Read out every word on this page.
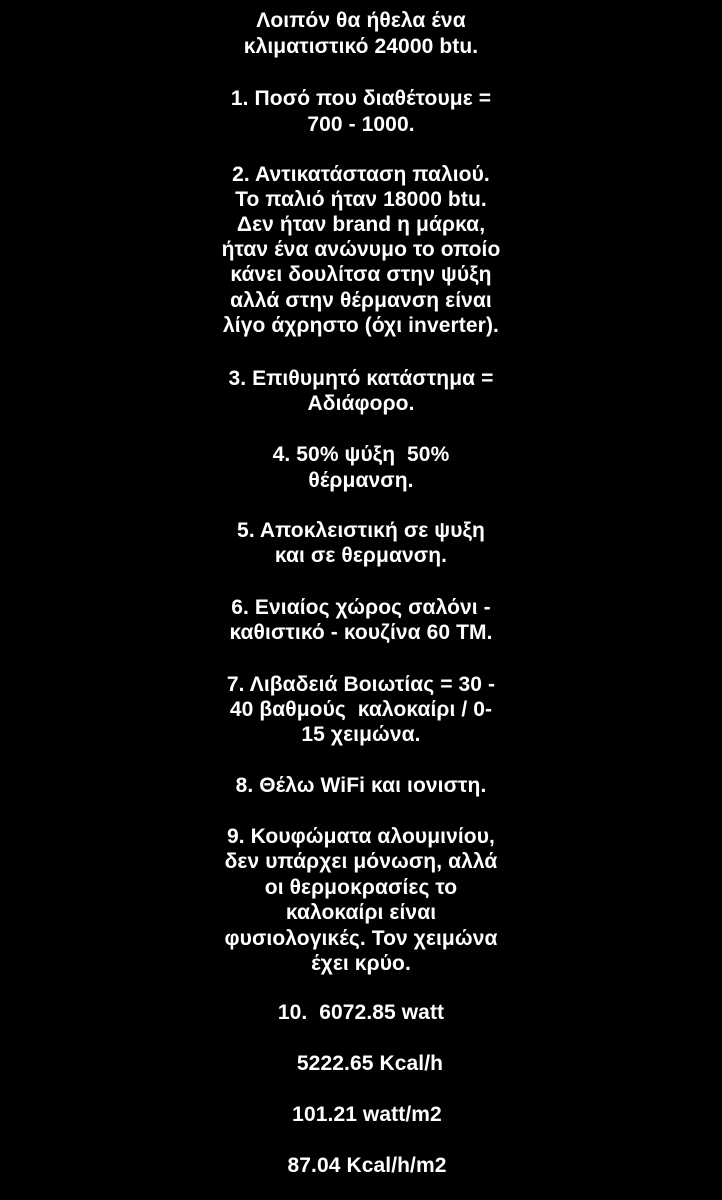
Λοιπόν θα ήθελα ένα
κλιματιστικό 24000 btu.
1. Ποσό που διαθέτουμε =
700 - 1000.
2. Αντικατάσταση παλιού.
Το παλιό ήταν 18000 btu.
Δεν ήταν brand η μάρκα,
ήταν ένα ανώνυμο το οποίο
κάνει δουλίτσα στην ψύξη
αλλά στην θέρμανση είναι
λίγο άχρηστο (όχι inverter).
3. Επιθυμητό κατάστημα =
Αδιάφορο.
4. 50% ψύξη  50%
θέρμανση.
5. Αποκλειστική σε ψυξη
και σε θερμανση.
6. Ενιαίος χώρος σαλόνι -
καθιστικό - κουζίνα 60 ΤΜ.
7. Λιβαδειά Βοιωτίας = 30 -
40 βαθμούς  καλοκαίρι / 0-
15 χειμώνα.
8. Θέλω WiFi και ιονιστη.
9. Κουφώματα αλουμινίου,
δεν υπάρχει μόνωση, αλλά
οι θερμοκρασίες το
καλοκαίρι είναι
φυσιολογικές. Τον χειμώνα
έχει κρύο.
10.  6072.85 watt
5222.65 Kcal/h
101.21 watt/m2
87.04 Kcal/h/m2
